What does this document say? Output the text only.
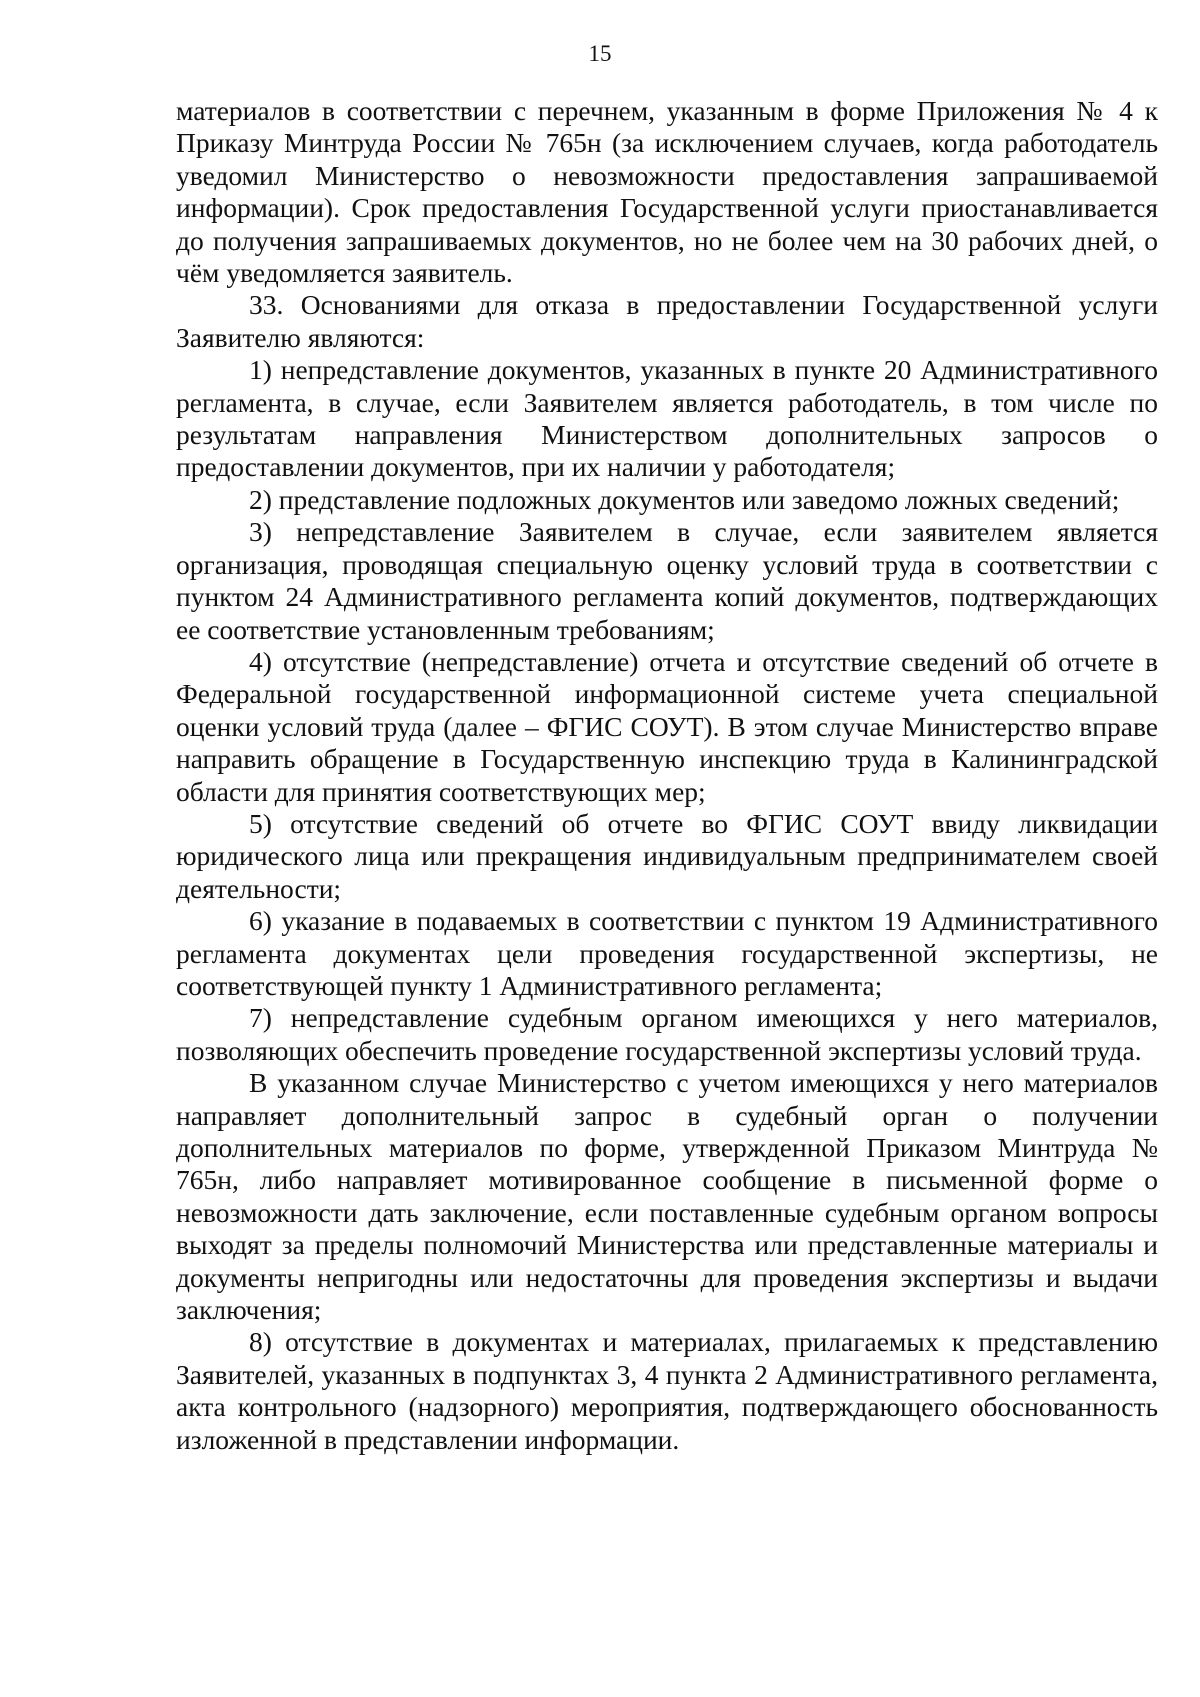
15

материалов в соответствии с перечнем, указанным в форме Приложения № 4 к Приказу Минтруда России № 765н (за исключением случаев, когда работодатель уведомил Министерство о невозможности предоставления запрашиваемой информации). Срок предоставления Государственной услуги приостанавливается до получения запрашиваемых документов, но не более чем на 30 рабочих дней, о чём уведомляется заявитель.

33. Основаниями для отказа в предоставлении Государственной услуги Заявителю являются:

1) непредставление документов, указанных в пункте 20 Административного регламента, в случае, если Заявителем является работодатель, в том числе по результатам направления Министерством дополнительных запросов о предоставлении документов, при их наличии у работодателя;

2) представление подложных документов или заведомо ложных сведений;

3) непредставление Заявителем в случае, если заявителем является организация, проводящая специальную оценку условий труда в соответствии с пунктом 24 Административного регламента копий документов, подтверждающих ее соответствие установленным требованиям;

4) отсутствие (непредставление) отчета и отсутствие сведений об отчете в Федеральной государственной информационной системе учета специальной оценки условий труда (далее – ФГИС СОУТ). В этом случае Министерство вправе направить обращение в Государственную инспекцию труда в Калининградской области для принятия соответствующих мер;

5) отсутствие сведений об отчете во ФГИС СОУТ ввиду ликвидации юридического лица или прекращения индивидуальным предпринимателем своей деятельности;

6) указание в подаваемых в соответствии с пунктом 19 Административного регламента документах цели проведения государственной экспертизы, не соответствующей пункту 1 Административного регламента;

7) непредставление судебным органом имеющихся у него материалов, позволяющих обеспечить проведение государственной экспертизы условий труда.

В указанном случае Министерство с учетом имеющихся у него материалов направляет дополнительный запрос в судебный орган о получении дополнительных материалов по форме, утвержденной Приказом Минтруда № 765н, либо направляет мотивированное сообщение в письменной форме о невозможности дать заключение, если поставленные судебным органом вопросы выходят за пределы полномочий Министерства или представленные материалы и документы непригодны или недостаточны для проведения экспертизы и выдачи заключения;

8) отсутствие в документах и материалах, прилагаемых к представлению Заявителей, указанных в подпунктах 3, 4 пункта 2 Административного регламента, акта контрольного (надзорного) мероприятия, подтверждающего обоснованность изложенной в представлении информации.
